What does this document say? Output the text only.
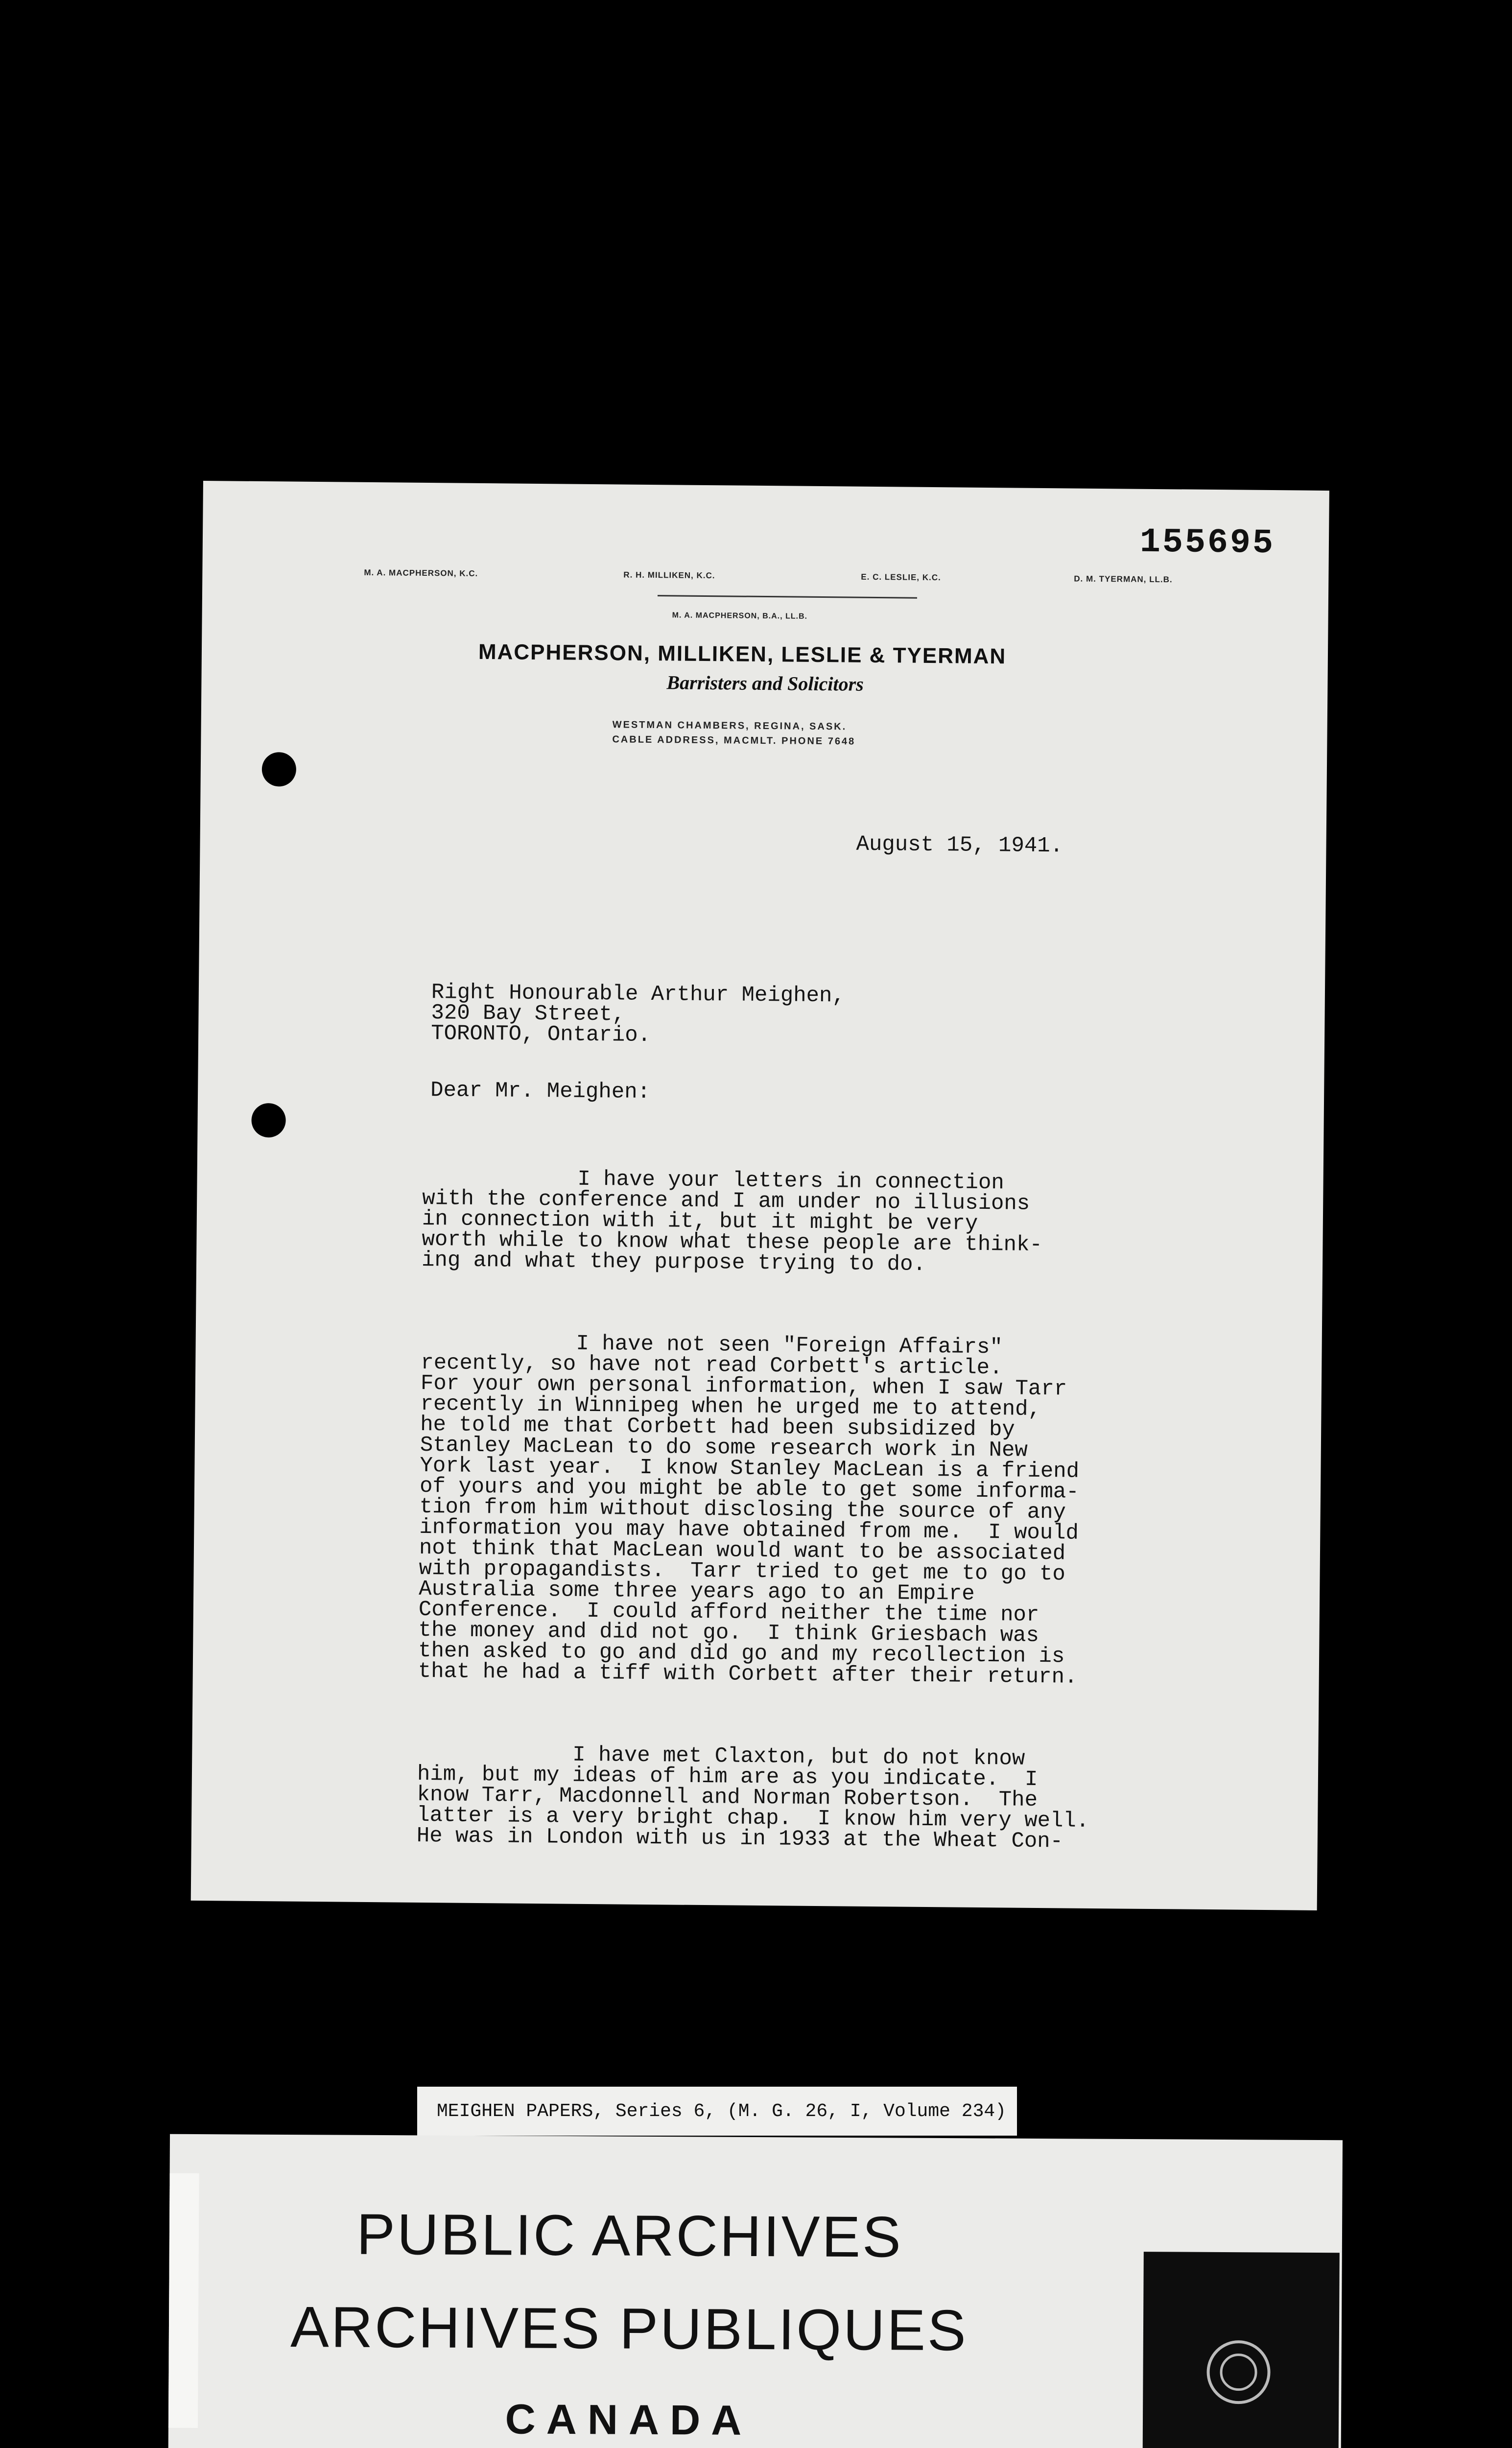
155695
M. A. MACPHERSON, K.C.	R. H. MILLIKEN, K.C.	E. C. LESLIE, K.C.	D. M. TYERMAN, LL.B.
M. A. MACPHERSON, B.A., LL.B.
MACPHERSON, MILLIKEN, LESLIE & TYERMAN
Barristers and Solicitors
WESTMAN CHAMBERS, REGINA, SASK.
CABLE ADDRESS, MACMLT. PHONE 7648
August 15, 1941.
Right Honourable Arthur Meighen,
320 Bay Street,
TORONTO, Ontario.
Dear Mr. Meighen:

I have your letters in connection
with the conference and I am under no illusions
in connection with it, but it might be very
worth while to know what these people are think-
ing and what they purpose trying to do.

I have not seen "Foreign Affairs"
recently, so have not read Corbett's article.
For your own personal information, when I saw Tarr
recently in Winnipeg when he urged me to attend,
he told me that Corbett had been subsidized by
Stanley MacLean to do some research work in New
York last year.  I know Stanley MacLean is a friend
of yours and you might be able to get some informa-
tion from him without disclosing the source of any
information you may have obtained from me.  I would
not think that MacLean would want to be associated
with propagandists.  Tarr tried to get me to go to
Australia some three years ago to an Empire
Conference.  I could afford neither the time nor
the money and did not go.  I think Griesbach was
then asked to go and did go and my recollection is
that he had a tiff with Corbett after their return.

I have met Claxton, but do not know
him, but my ideas of him are as you indicate.  I
know Tarr, Macdonnell and Norman Robertson.  The
latter is a very bright chap.  I know him very well.
He was in London with us in 1933 at the Wheat Con-

MEIGHEN PAPERS, Series 6, (M. G. 26, I, Volume 234)
PUBLIC ARCHIVES
ARCHIVES PUBLIQUES
CANADA
